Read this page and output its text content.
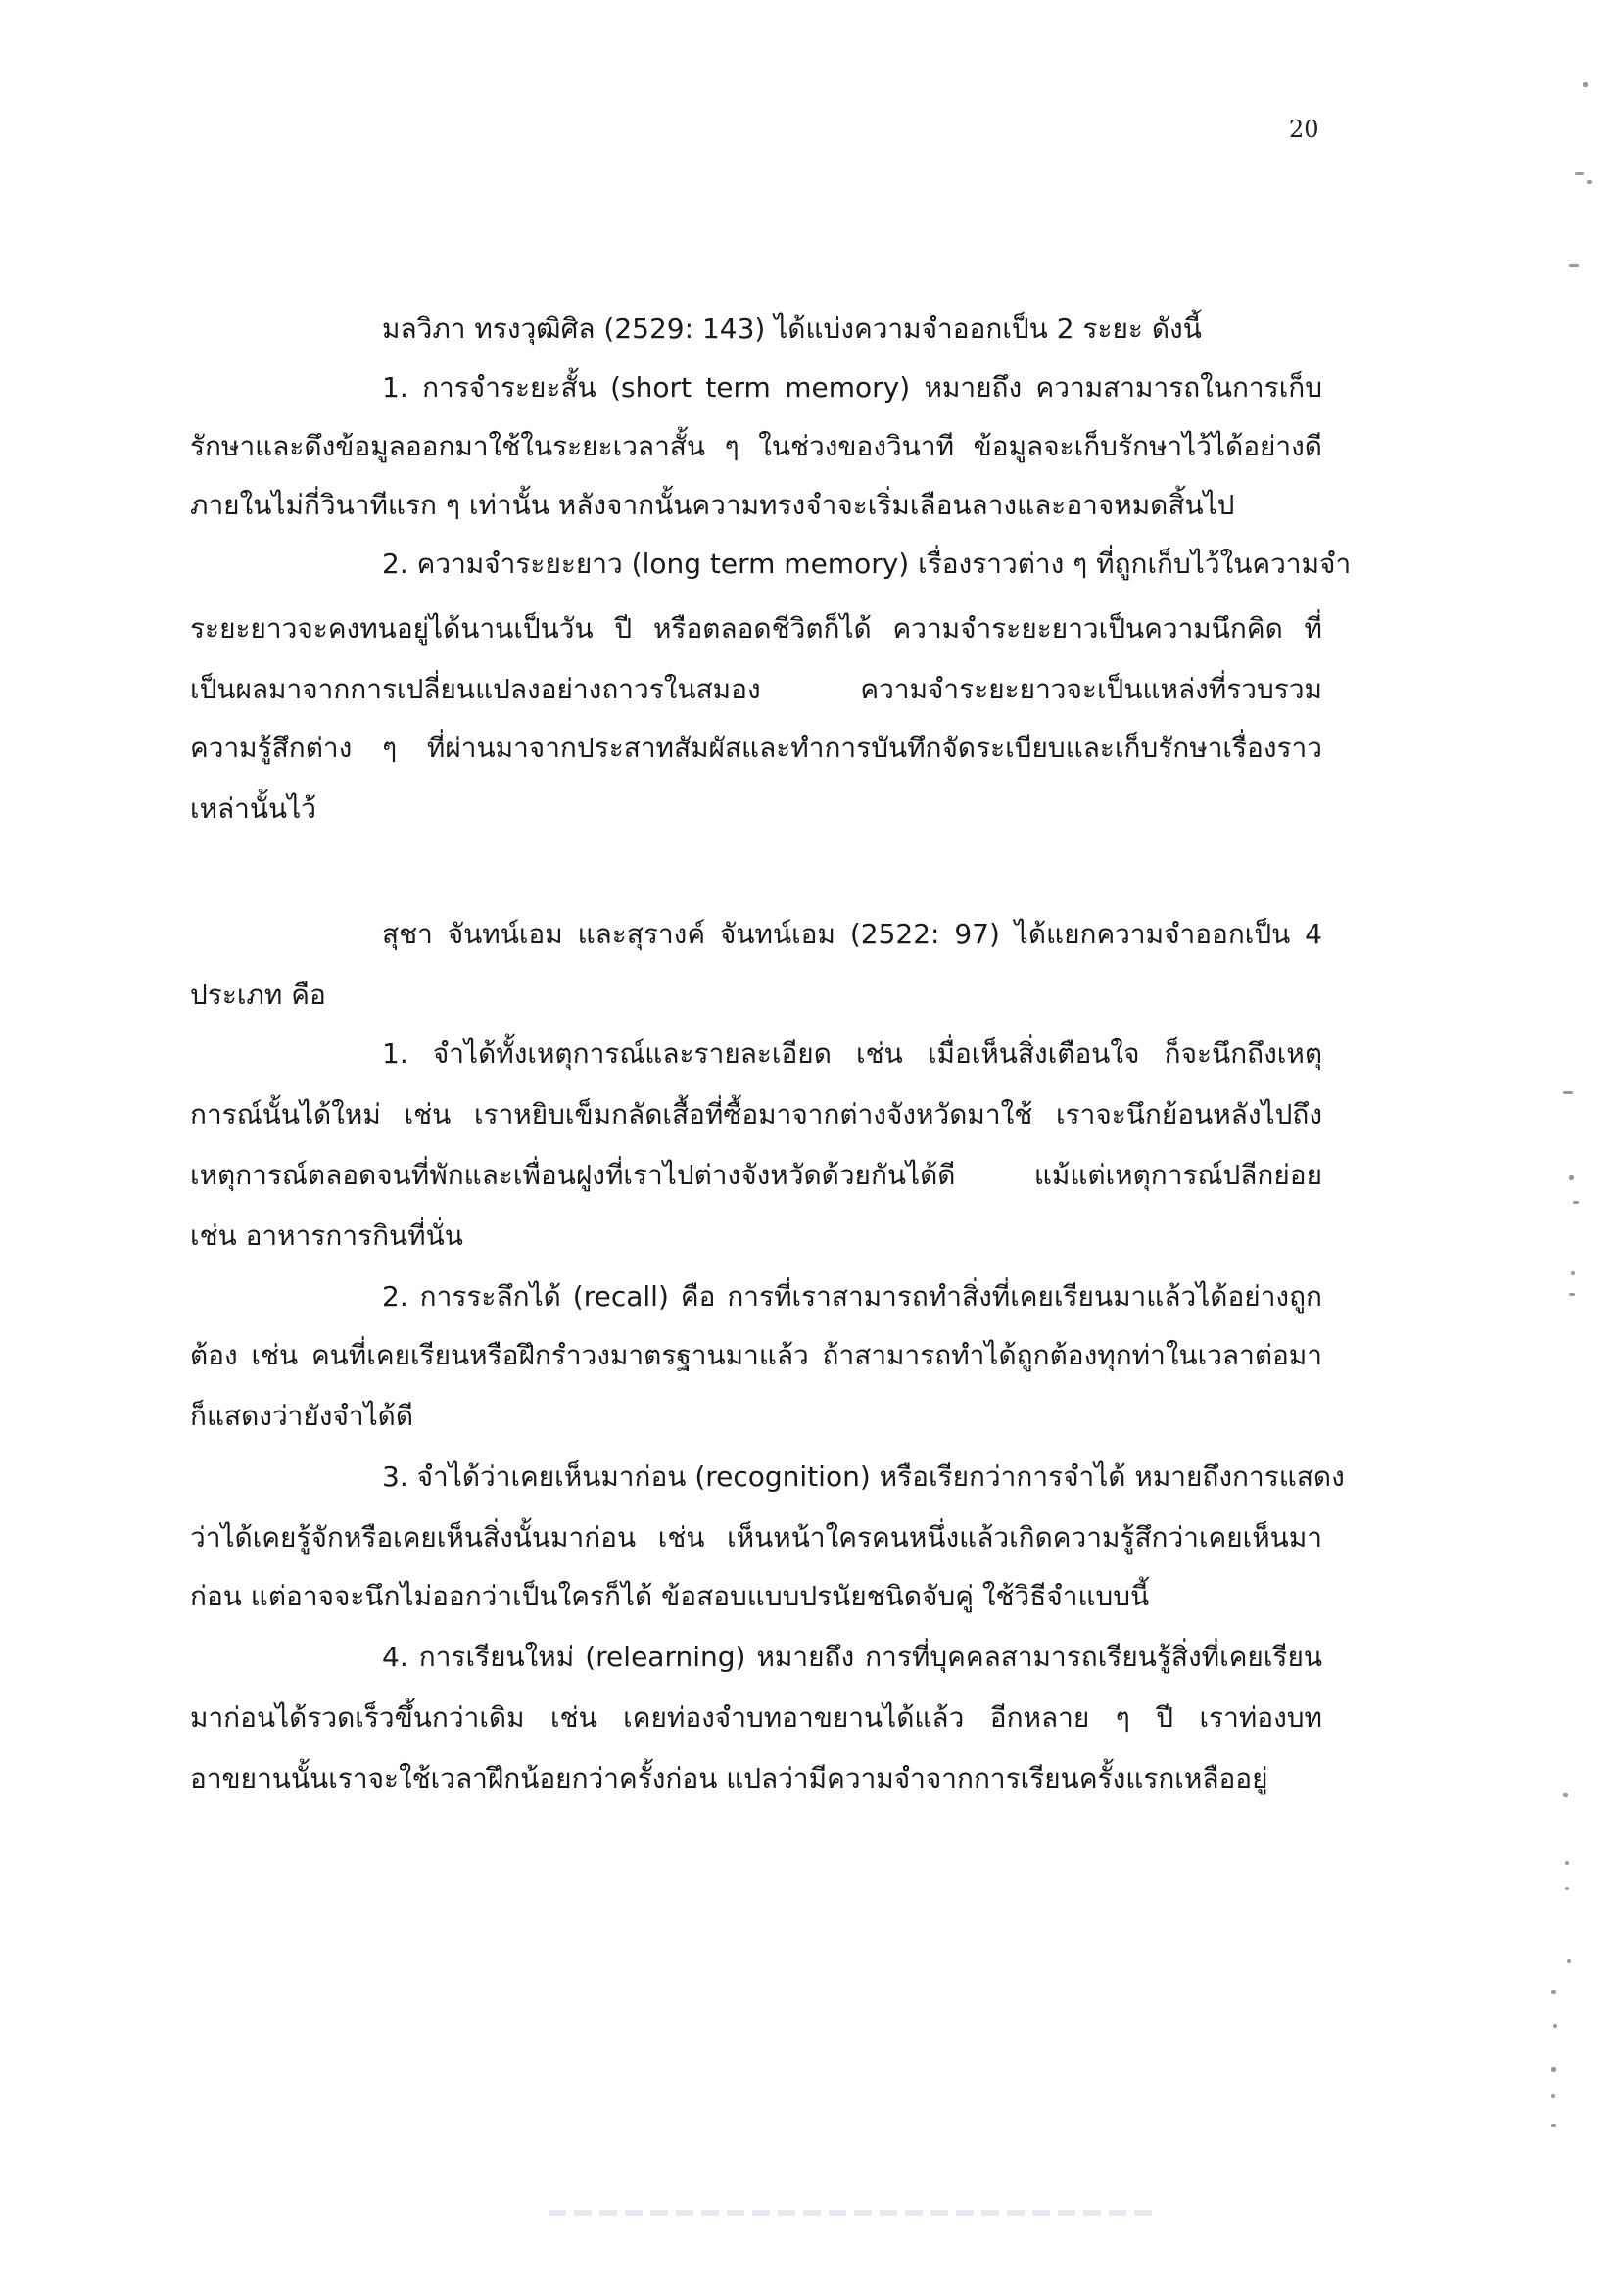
20
มลวิภา ทรงวุฒิศิล (2529: 143) ได้แบ่งความจำออกเป็น 2 ระยะ ดังนี้
1. การจำระยะสั้น (short term memory) หมายถึง ความสามารถในการเก็บ
รักษาและดึงข้อมูลออกมาใช้ในระยะเวลาสั้น ๆ ในช่วงของวินาที ข้อมูลจะเก็บรักษาไว้ได้อย่างดี
ภายในไม่กี่วินาทีแรก ๆ เท่านั้น หลังจากนั้นความทรงจำจะเริ่มเลือนลางและอาจหมดสิ้นไป
2. ความจำระยะยาว (long term memory) เรื่องราวต่าง ๆ ที่ถูกเก็บไว้ในความจำ
ระยะยาวจะคงทนอยู่ได้นานเป็นวัน ปี หรือตลอดชีวิตก็ได้ ความจำระยะยาวเป็นความนึกคิด ที่
เป็นผลมาจากการเปลี่ยนแปลงอย่างถาวรในสมอง ความจำระยะยาวจะเป็นแหล่งที่รวบรวม
ความรู้สึกต่าง ๆ ที่ผ่านมาจากประสาทสัมผัสและทำการบันทึกจัดระเบียบและเก็บรักษาเรื่องราว
เหล่านั้นไว้
สุชา จันทน์เอม และสุรางค์ จันทน์เอม (2522: 97) ได้แยกความจำออกเป็น 4
ประเภท คือ
1. จำได้ทั้งเหตุการณ์และรายละเอียด เช่น เมื่อเห็นสิ่งเตือนใจ ก็จะนึกถึงเหตุ
การณ์นั้นได้ใหม่ เช่น เราหยิบเข็มกลัดเสื้อที่ซื้อมาจากต่างจังหวัดมาใช้ เราจะนึกย้อนหลังไปถึง
เหตุการณ์ตลอดจนที่พักและเพื่อนฝูงที่เราไปต่างจังหวัดด้วยกันได้ดี แม้แต่เหตุการณ์ปลีกย่อย
เช่น อาหารการกินที่นั่น
2. การระลึกได้ (recall) คือ การที่เราสามารถทำสิ่งที่เคยเรียนมาแล้วได้อย่างถูก
ต้อง เช่น คนที่เคยเรียนหรือฝึกรำวงมาตรฐานมาแล้ว ถ้าสามารถทำได้ถูกต้องทุกท่าในเวลาต่อมา
ก็แสดงว่ายังจำได้ดี
3. จำได้ว่าเคยเห็นมาก่อน (recognition) หรือเรียกว่าการจำได้ หมายถึงการแสดง
ว่าได้เคยรู้จักหรือเคยเห็นสิ่งนั้นมาก่อน เช่น เห็นหน้าใครคนหนึ่งแล้วเกิดความรู้สึกว่าเคยเห็นมา
ก่อน แต่อาจจะนึกไม่ออกว่าเป็นใครก็ได้ ข้อสอบแบบปรนัยชนิดจับคู่ ใช้วิธีจำแบบนี้
4. การเรียนใหม่ (relearning) หมายถึง การที่บุคคลสามารถเรียนรู้สิ่งที่เคยเรียน
มาก่อนได้รวดเร็วขึ้นกว่าเดิม เช่น เคยท่องจำบทอาขยานได้แล้ว อีกหลาย ๆ ปี เราท่องบท
อาขยานนั้นเราจะใช้เวลาฝึกน้อยกว่าครั้งก่อน แปลว่ามีความจำจากการเรียนครั้งแรกเหลืออยู่
